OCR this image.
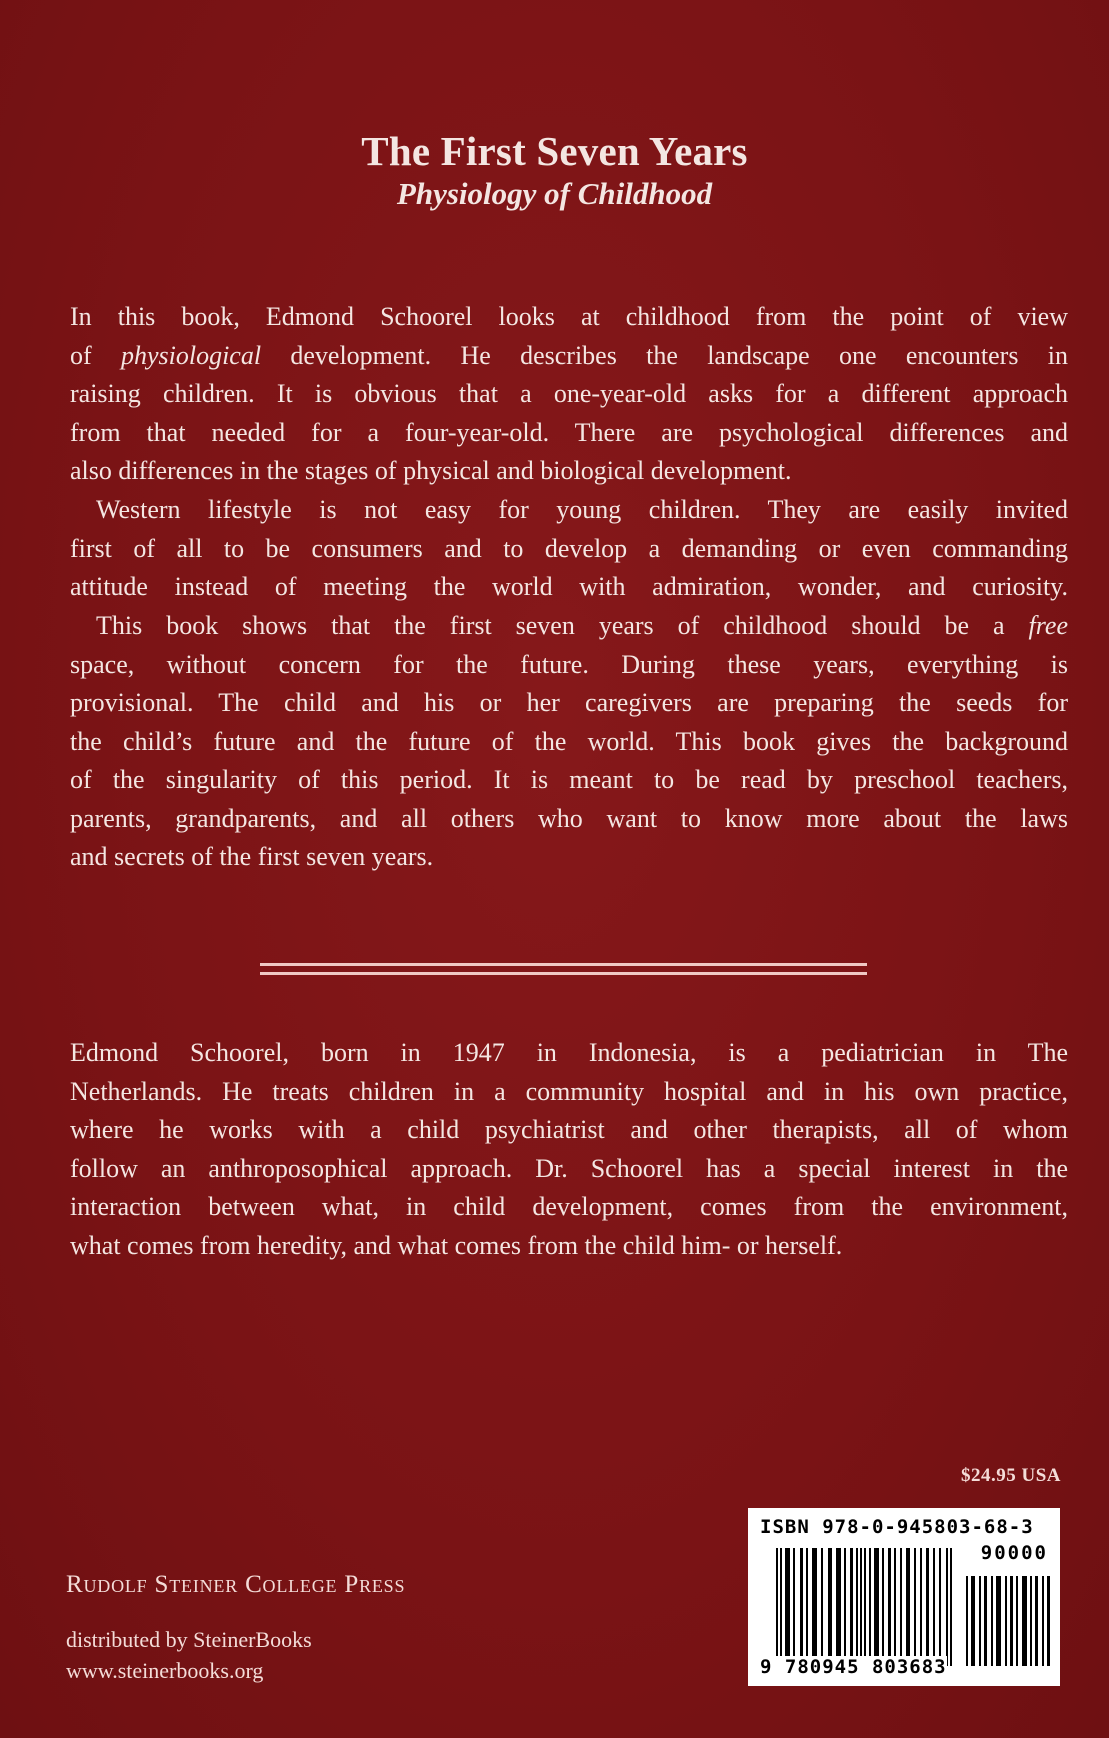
The First Seven Years
Physiology of Childhood
In this book, Edmond Schoorel looks at childhood from the point of view
of physiological development. He describes the landscape one encounters in
raising children. It is obvious that a one-year-old asks for a different approach
from that needed for a four-year-old. There are psychological differences and
also differences in the stages of physical and biological development.
Western lifestyle is not easy for young children. They are easily invited
first of all to be consumers and to develop a demanding or even commanding
attitude instead of meeting the world with admiration, wonder, and curiosity.
This book shows that the first seven years of childhood should be a free
space, without concern for the future. During these years, everything is
provisional. The child and his or her caregivers are preparing the seeds for
the child’s future and the future of the world. This book gives the background
of the singularity of this period. It is meant to be read by preschool teachers,
parents, grandparents, and all others who want to know more about the laws
and secrets of the first seven years.
Edmond Schoorel, born in 1947 in Indonesia, is a pediatrician in The
Netherlands. He treats children in a community hospital and in his own practice,
where he works with a child psychiatrist and other therapists, all of whom
follow an anthroposophical approach. Dr. Schoorel has a special interest in the
interaction between what, in child development, comes from the environment,
what comes from heredity, and what comes from the child him- or herself.
$24.95 USA
ISBN 978-0-945803-68-3
90000
9 780945 803683
Rudolf Steiner College Press
distributed by SteinerBooks
www.steinerbooks.org
